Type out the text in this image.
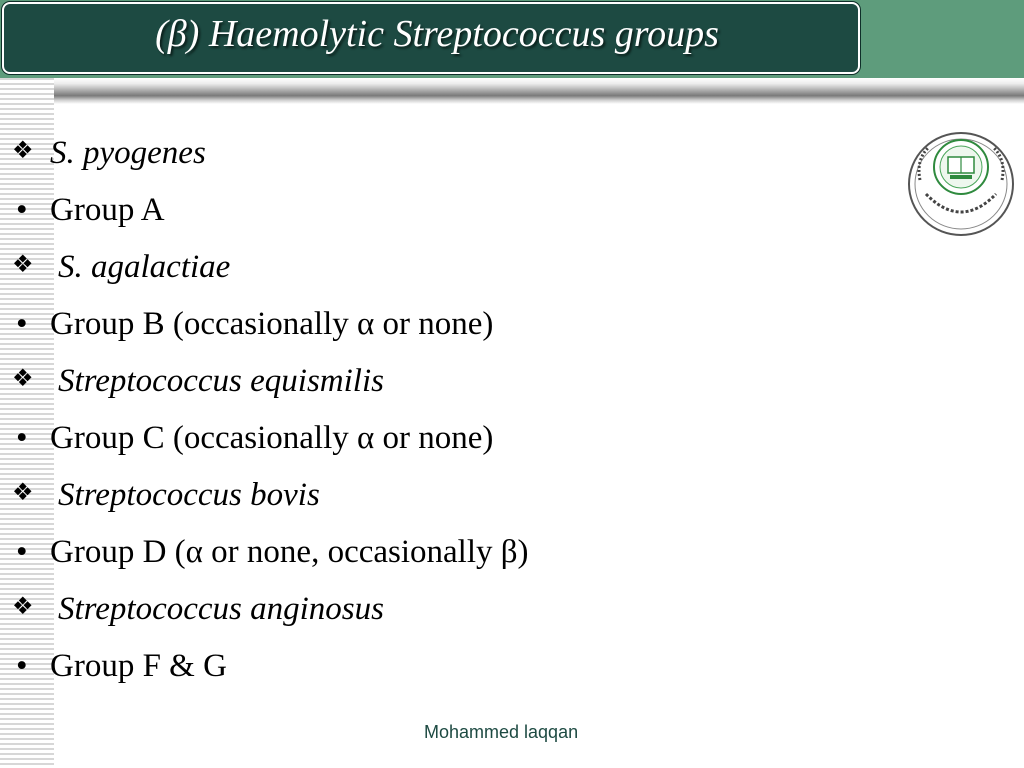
(β) Haemolytic Streptococcus groups
❖ S. pyogenes
• Group A
❖ S. agalactiae
• Group B (occasionally α or none)
❖ Streptococcus equismilis
• Group C (occasionally α or none)
❖ Streptococcus bovis
• Group D (α or none, occasionally β)
❖ Streptococcus anginosus
• Group F & G
Mohammed laqqan
